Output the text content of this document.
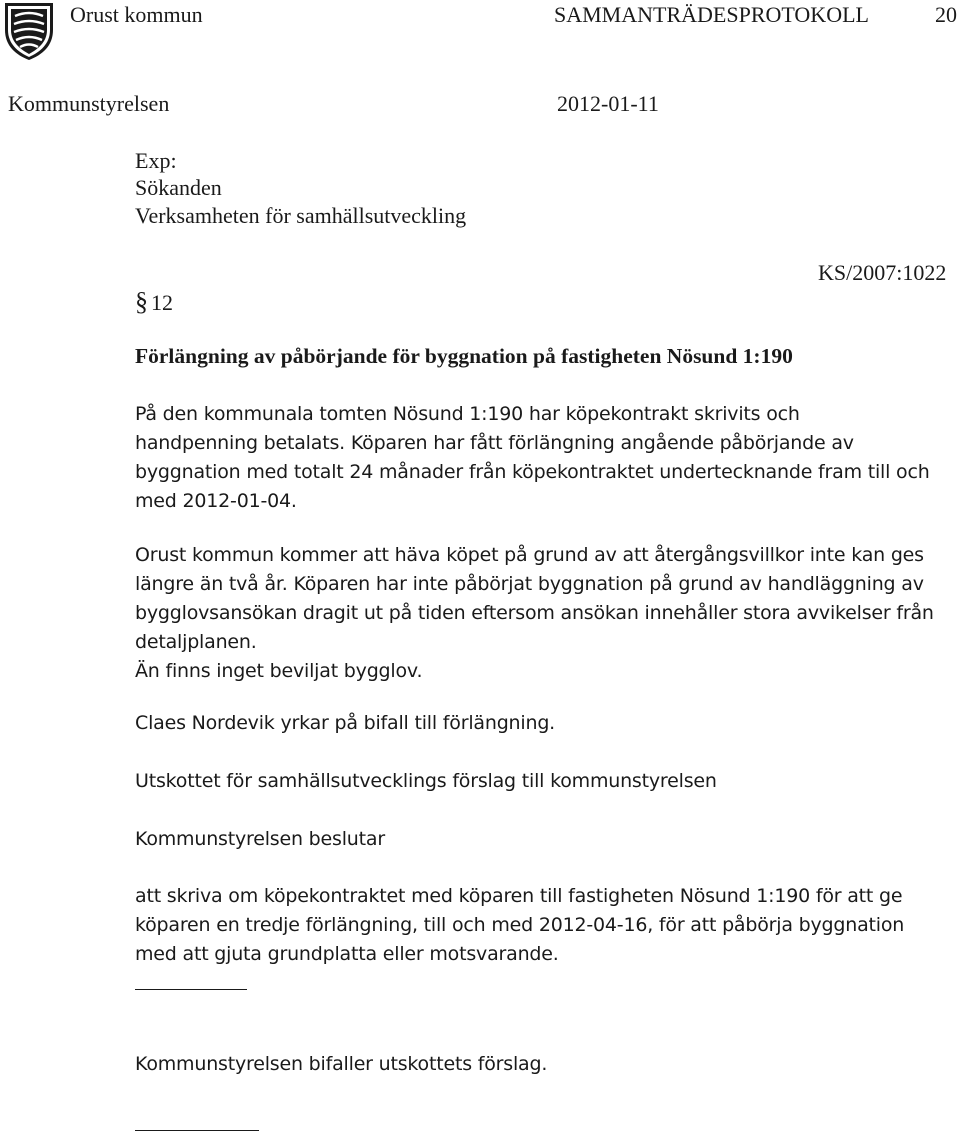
Orust kommun	SAMMANTRÄDESPROTOKOLL	20
Kommunstyrelsen	2012-01-11
Exp:
Sökanden
Verksamheten för samhällsutveckling
KS/2007:1022
§ 12
Förlängning av påbörjande för byggnation på fastigheten Nösund 1:190
På den kommunala tomten Nösund 1:190 har köpekontrakt skrivits och
handpenning betalats. Köparen har fått förlängning angående påbörjande av
byggnation med totalt 24 månader från köpekontraktet undertecknande fram till och
med 2012-01-04.
Orust kommun kommer att häva köpet på grund av att återgångsvillkor inte kan ges
längre än två år. Köparen har inte påbörjat byggnation på grund av handläggning av
bygglovsansökan dragit ut på tiden eftersom ansökan innehåller stora avvikelser från
detaljplanen.
Än finns inget beviljat bygglov.
Claes Nordevik yrkar på bifall till förlängning.
Utskottet för samhällsutvecklings förslag till kommunstyrelsen
Kommunstyrelsen beslutar
att skriva om köpekontraktet med köparen till fastigheten Nösund 1:190 för att ge
köparen en tredje förlängning, till och med 2012-04-16, för att påbörja byggnation
med att gjuta grundplatta eller motsvarande.
Kommunstyrelsen bifaller utskottets förslag.
